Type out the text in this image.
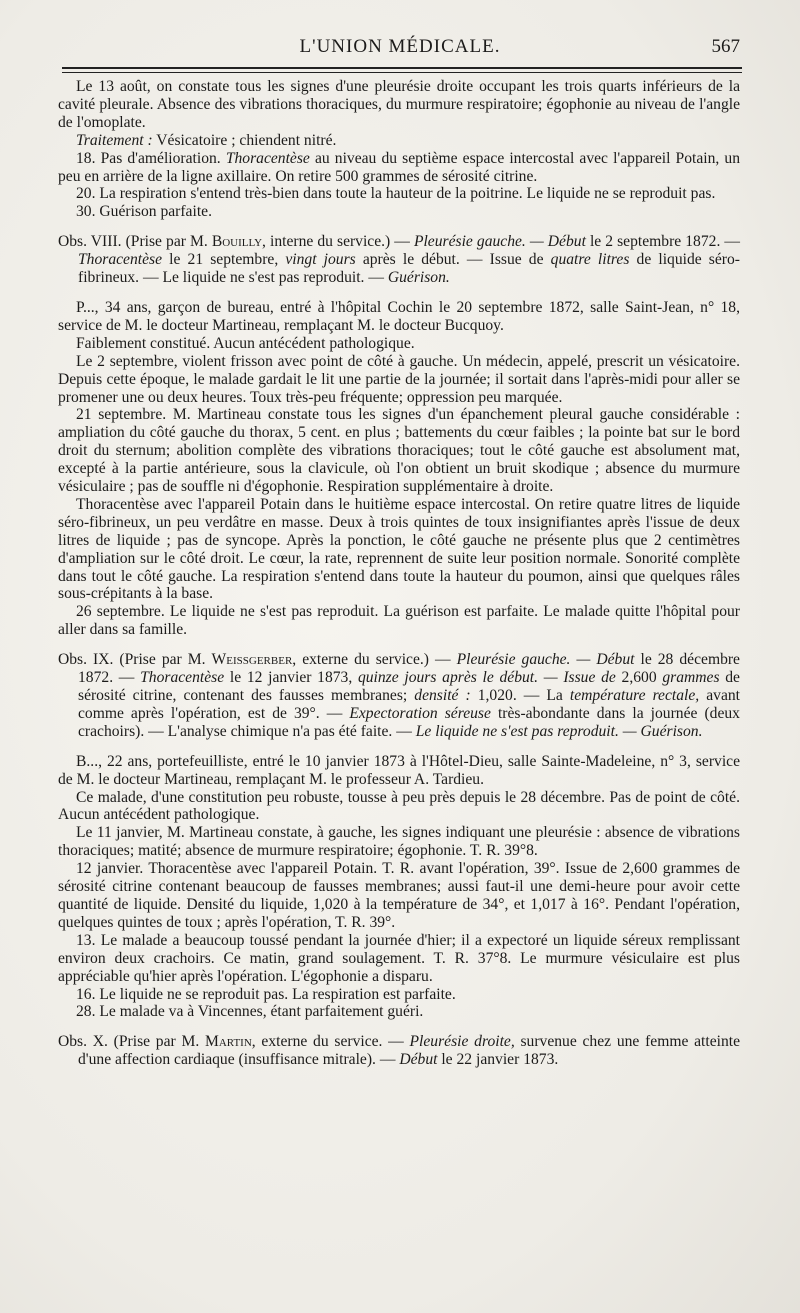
L'UNION MÉDICALE.	567

Le 13 août, on constate tous les signes d'une pleurésie droite occupant les trois quarts inférieurs de la cavité pleurale. Absence des vibrations thoraciques, du murmure respiratoire; égophonie au niveau de l'angle de l'omoplate.

Traitement : Vésicatoire ; chiendent nitré.

18. Pas d'amélioration. Thoracentèse au niveau du septième espace intercostal avec l'appareil Potain, un peu en arrière de la ligne axillaire. On retire 500 grammes de sérosité citrine.

20. La respiration s'entend très-bien dans toute la hauteur de la poitrine. Le liquide ne se reproduit pas.

30. Guérison parfaite.

Obs. VIII. (Prise par M. Bouilly, interne du service.) — Pleurésie gauche. — Début le 2 septembre 1872. — Thoracentèse le 21 septembre, vingt jours après le début. — Issue de quatre litres de liquide séro-fibrineux. — Le liquide ne s'est pas reproduit. — Guérison.

P..., 34 ans, garçon de bureau, entré à l'hôpital Cochin le 20 septembre 1872, salle Saint-Jean, n° 18, service de M. le docteur Martineau, remplaçant M. le docteur Bucquoy.

Faiblement constitué. Aucun antécédent pathologique.

Le 2 septembre, violent frisson avec point de côté à gauche. Un médecin, appelé, prescrit un vésicatoire. Depuis cette époque, le malade gardait le lit une partie de la journée; il sortait dans l'après-midi pour aller se promener une ou deux heures. Toux très-peu fréquente; oppression peu marquée.

21 septembre. M. Martineau constate tous les signes d'un épanchement pleural gauche considérable : ampliation du côté gauche du thorax, 5 cent. en plus ; battements du cœur faibles ; la pointe bat sur le bord droit du sternum; abolition complète des vibrations thoraciques; tout le côté gauche est absolument mat, excepté à la partie antérieure, sous la clavicule, où l'on obtient un bruit skodique ; absence du murmure vésiculaire ; pas de souffle ni d'égophonie. Respiration supplémentaire à droite.

Thoracentèse avec l'appareil Potain dans le huitième espace intercostal. On retire quatre litres de liquide séro-fibrineux, un peu verdâtre en masse. Deux à trois quintes de toux insignifiantes après l'issue de deux litres de liquide ; pas de syncope. Après la ponction, le côté gauche ne présente plus que 2 centimètres d'ampliation sur le côté droit. Le cœur, la rate, reprennent de suite leur position normale. Sonorité complète dans tout le côté gauche. La respiration s'entend dans toute la hauteur du poumon, ainsi que quelques râles sous-crépitants à la base.

26 septembre. Le liquide ne s'est pas reproduit. La guérison est parfaite. Le malade quitte l'hôpital pour aller dans sa famille.

Obs. IX. (Prise par M. Weissgerber, externe du service.) — Pleurésie gauche. — Début le 28 décembre 1872. — Thoracentèse le 12 janvier 1873, quinze jours après le début. — Issue de 2,600 grammes de sérosité citrine, contenant des fausses membranes; densité : 1,020. — La température rectale, avant comme après l'opération, est de 39°. — Expectoration séreuse très-abondante dans la journée (deux crachoirs). — L'analyse chimique n'a pas été faite. — Le liquide ne s'est pas reproduit. — Guérison.

B..., 22 ans, portefeuilliste, entré le 10 janvier 1873 à l'Hôtel-Dieu, salle Sainte-Madeleine, n° 3, service de M. le docteur Martineau, remplaçant M. le professeur A. Tardieu.

Ce malade, d'une constitution peu robuste, tousse à peu près depuis le 28 décembre. Pas de point de côté. Aucun antécédent pathologique.

Le 11 janvier, M. Martineau constate, à gauche, les signes indiquant une pleurésie : absence de vibrations thoraciques; matité; absence de murmure respiratoire; égophonie. T. R. 39°8.

12 janvier. Thoracentèse avec l'appareil Potain. T. R. avant l'opération, 39°. Issue de 2,600 grammes de sérosité citrine contenant beaucoup de fausses membranes; aussi faut-il une demi-heure pour avoir cette quantité de liquide. Densité du liquide, 1,020 à la température de 34°, et 1,017 à 16°. Pendant l'opération, quelques quintes de toux ; après l'opération, T. R. 39°.

13. Le malade a beaucoup toussé pendant la journée d'hier; il a expectoré un liquide séreux remplissant environ deux crachoirs. Ce matin, grand soulagement. T. R. 37°8. Le murmure vésiculaire est plus appréciable qu'hier après l'opération. L'égophonie a disparu.

16. Le liquide ne se reproduit pas. La respiration est parfaite.

28. Le malade va à Vincennes, étant parfaitement guéri.

Obs. X. (Prise par M. Martin, externe du service. — Pleurésie droite, survenue chez une femme atteinte d'une affection cardiaque (insuffisance mitrale). — Début le 22 janvier 1873.
